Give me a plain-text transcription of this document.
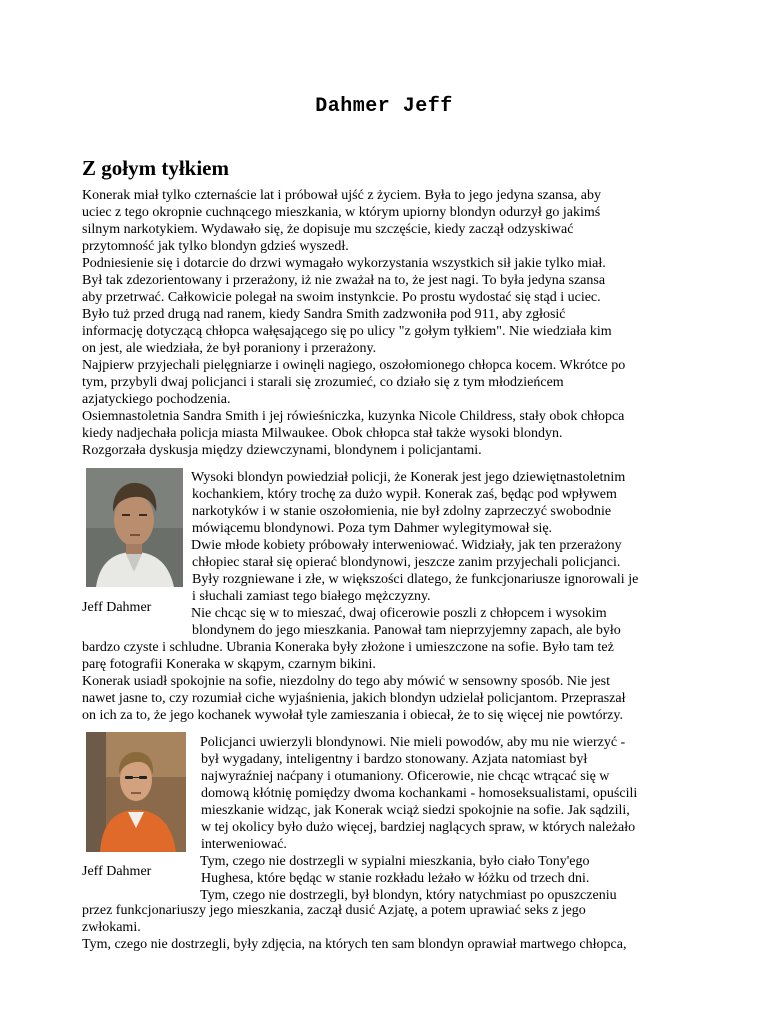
Dahmer Jeff
Z gołym tyłkiem
Konerak miał tylko czternaście lat i próbował ujść z życiem. Była to jego jedyna szansa, aby
uciec z tego okropnie cuchnącego mieszkania, w którym upiorny blondyn odurzył go jakimś
silnym narkotykiem. Wydawało się, że dopisuje mu szczęście, kiedy zaczął odzyskiwać
przytomność jak tylko blondyn gdzieś wyszedł.
Podniesienie się i dotarcie do drzwi wymagało wykorzystania wszystkich sił jakie tylko miał.
Był tak zdezorientowany i przerażony, iż nie zważał na to, że jest nagi. To była jedyna szansa
aby przetrwać. Całkowicie polegał na swoim instynkcie. Po prostu wydostać się stąd i uciec.
Było tuż przed drugą nad ranem, kiedy Sandra Smith zadzwoniła pod 911, aby zgłosić
informację dotyczącą chłopca wałęsającego się po ulicy "z gołym tyłkiem". Nie wiedziała kim
on jest, ale wiedziała, że był poraniony i przerażony.
Najpierw przyjechali pielęgniarze i owinęli nagiego, oszołomionego chłopca kocem. Wkrótce po
tym, przybyli dwaj policjanci i starali się zrozumieć, co działo się z tym młodzieńcem
azjatyckiego pochodzenia.
Osiemnastoletnia Sandra Smith i jej rówieśniczka, kuzynka Nicole Childress, stały obok chłopca
kiedy nadjechała policja miasta Milwaukee. Obok chłopca stał także wysoki blondyn.
Rozgorzała dyskusja między dziewczynami, blondynem i policjantami.
Jeff Dahmer
Wysoki blondyn powiedział policji, że Konerak jest jego dziewiętnastoletnim
kochankiem, który trochę za dużo wypił. Konerak zaś, będąc pod wpływem
narkotyków i w stanie oszołomienia, nie był zdolny zaprzeczyć swobodnie
mówiącemu blondynowi. Poza tym Dahmer wylegitymował się.
Dwie młode kobiety próbowały interweniować. Widziały, jak ten przerażony
chłopiec starał się opierać blondynowi, jeszcze zanim przyjechali policjanci.
Były rozgniewane i złe, w większości dlatego, że funkcjonariusze ignorowali je
i słuchali zamiast tego białego mężczyzny.
Nie chcąc się w to mieszać, dwaj oficerowie poszli z chłopcem i wysokim
blondynem do jego mieszkania. Panował tam nieprzyjemny zapach, ale było
bardzo czyste i schludne. Ubrania Koneraka były złożone i umieszczone na sofie. Było tam też
parę fotografii Koneraka w skąpym, czarnym bikini.
Konerak usiadł spokojnie na sofie, niezdolny do tego aby mówić w sensowny sposób. Nie jest
nawet jasne to, czy rozumiał ciche wyjaśnienia, jakich blondyn udzielał policjantom. Przepraszał
on ich za to, że jego kochanek wywołał tyle zamieszania i obiecał, że to się więcej nie powtórzy.
Jeff Dahmer
Policjanci uwierzyli blondynowi. Nie mieli powodów, aby mu nie wierzyć -
był wygadany, inteligentny i bardzo stonowany. Azjata natomiast był
najwyraźniej naćpany i otumaniony. Oficerowie, nie chcąc wtrącać się w
domową kłótnię pomiędzy dwoma kochankami - homoseksualistami, opuścili
mieszkanie widząc, jak Konerak wciąż siedzi spokojnie na sofie. Jak sądzili,
w tej okolicy było dużo więcej, bardziej naglących spraw, w których należało
interweniować.
Tym, czego nie dostrzegli w sypialni mieszkania, było ciało Tony'ego
Hughesa, które będąc w stanie rozkładu leżało w łóżku od trzech dni.
Tym, czego nie dostrzegli, był blondyn, który natychmiast po opuszczeniu
przez funkcjonariuszy jego mieszkania, zaczął dusić Azjatę, a potem uprawiać seks z jego
zwłokami.
Tym, czego nie dostrzegli, były zdjęcia, na których ten sam blondyn oprawiał martwego chłopca,
